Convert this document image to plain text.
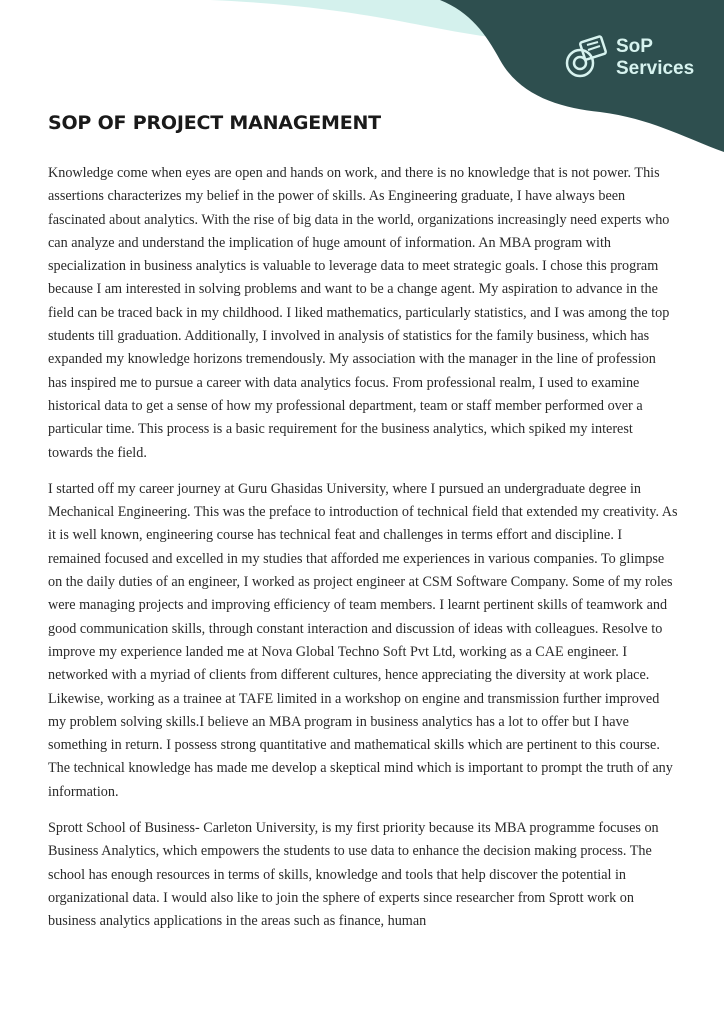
SoP
Services
SOP OF PROJECT MANAGEMENT

Knowledge come when eyes are open and hands on work, and there is no knowledge that is not power. This assertions characterizes my belief in the power of skills. As Engineering graduate, I have always been fascinated about analytics. With the rise of big data in the world, organizations increasingly need experts who can analyze and understand the implication of huge amount of information. An MBA program with specialization in business analytics is valuable to leverage data to meet strategic goals. I chose this program because I am interested in solving problems and want to be a change agent. My aspiration to advance in the field can be traced back in my childhood. I liked mathematics, particularly statistics, and I was among the top students till graduation. Additionally, I involved in analysis of statistics for the family business, which has expanded my knowledge horizons tremendously. My association with the manager in the line of profession has inspired me to pursue a career with data analytics focus. From professional realm, I used to examine historical data to get a sense of how my professional department, team or staff member performed over a particular time. This process is a basic requirement for the business analytics, which spiked my interest towards the field.

I started off my career journey at Guru Ghasidas University, where I pursued an undergraduate degree in Mechanical Engineering. This was the preface to introduction of technical field that extended my creativity. As it is well known, engineering course has technical feat and challenges in terms effort and discipline. I remained focused and excelled in my studies that afforded me experiences in various companies. To glimpse on the daily duties of an engineer, I worked as project engineer at CSM Software Company. Some of my roles were managing projects and improving efficiency of team members. I learnt pertinent skills of teamwork and good communication skills, through constant interaction and discussion of ideas with colleagues. Resolve to improve my experience landed me at Nova Global Techno Soft Pvt Ltd, working as a CAE engineer. I networked with a myriad of clients from different cultures, hence appreciating the diversity at work place. Likewise, working as a trainee at TAFE limited in a workshop on engine and transmission further improved my problem solving skills.I believe an MBA program in business analytics has a lot to offer but I have something in return. I possess strong quantitative and mathematical skills which are pertinent to this course. The technical knowledge has made me develop a skeptical mind which is important to prompt the truth of any information.

Sprott School of Business- Carleton University, is my first priority because its MBA programme focuses on Business Analytics, which empowers the students to use data to enhance the decision making process. The school has enough resources in terms of skills, knowledge and tools that help discover the potential in organizational data. I would also like to join the sphere of experts since researcher from Sprott work on business analytics applications in the areas such as finance, human
